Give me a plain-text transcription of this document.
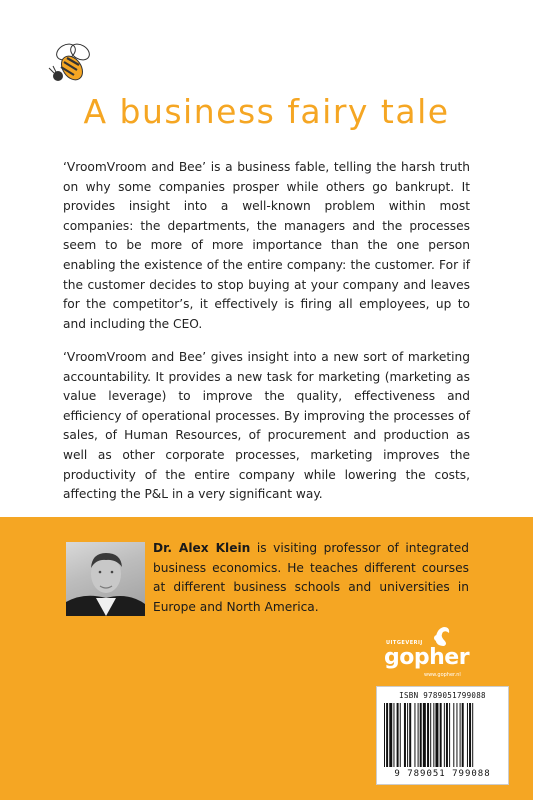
A business fairy tale

‘VroomVroom and Bee’ is a business fable, telling the harsh truth on why some companies prosper while others go bankrupt. It provides insight into a well-known problem within most companies: the departments, the managers and the processes seem to be more of more importance than the one person enabling the existence of the entire company: the customer. For if the customer decides to stop buying at your company and leaves for the competitor’s, it effectively is firing all employees, up to and including the CEO.

‘VroomVroom and Bee’ gives insight into a new sort of marketing accountability. It provides a new task for marketing (marketing as value leverage) to improve the quality, effectiveness and efficiency of operational processes. By improving the processes of sales, of Human Resources, of procurement and production as well as other corporate processes, marketing improves the productivity of the entire company while lowering the costs, affecting the P&L in a very significant way.

Dr. Alex Klein is visiting professor of integrated business economics. He teaches different courses at different business schools and universities in Europe and North America.

UITGEVERIJ
gopher
www.gopher.nl
ISBN 9789051799088
9 789051 799088
